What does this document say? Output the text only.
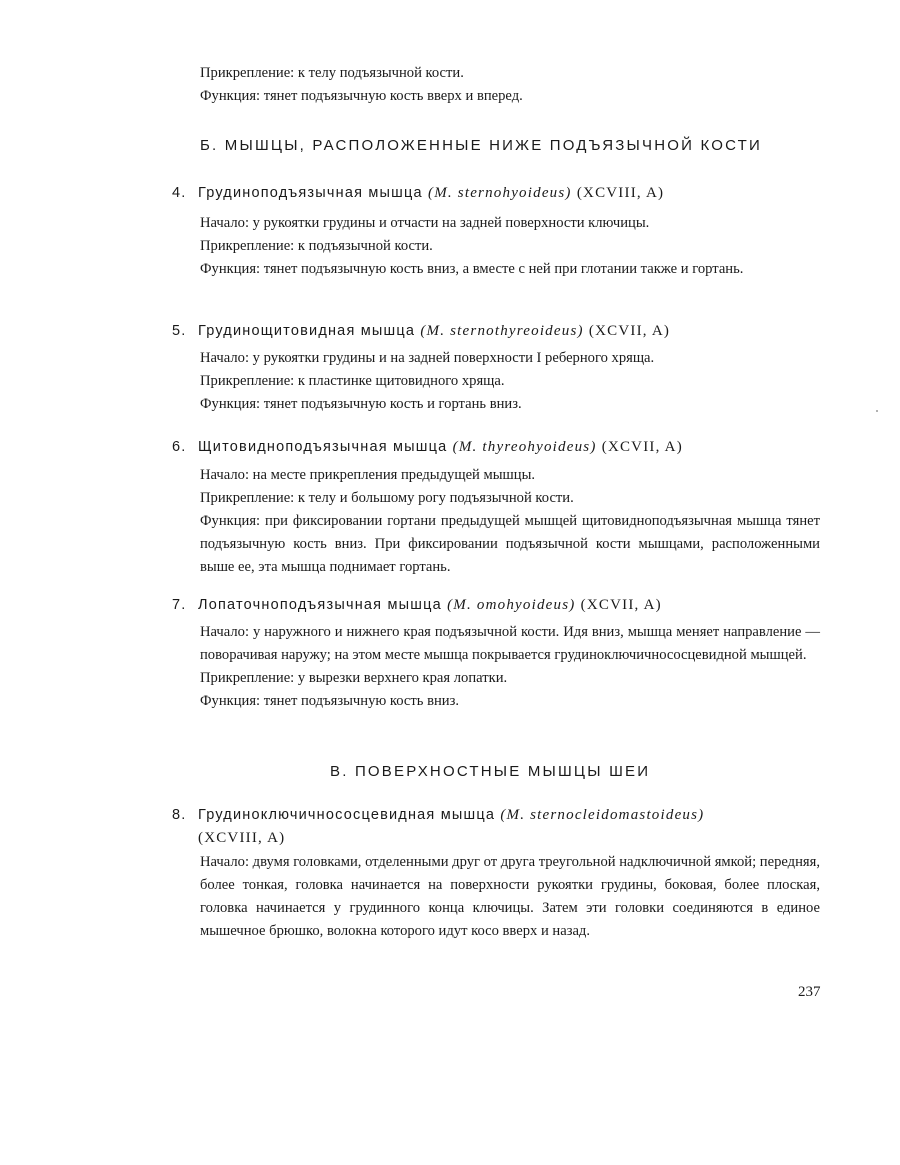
Прикрепление: к телу подъязычной кости.

Функция: тянет подъязычную кость вверх и вперед.

Б. МЫШЦЫ, РАСПОЛОЖЕННЫЕ НИЖЕ ПОДЪЯЗЫЧНОЙ КОСТИ
4. Грудиноподъязычная мышца (M. sternohyoideus) (XCVIII, A)

Начало: у рукоятки грудины и отчасти на задней поверхности ключицы.

Прикрепление: к подъязычной кости.

Функция: тянет подъязычную кость вниз, а вместе с ней при глотании также и гортань.

5. Грудинощитовидная мышца (M. sternothyreoideus) (XCVII, A)

Начало: у рукоятки грудины и на задней поверхности I реберного хряща.

Прикрепление: к пластинке щитовидного хряща.

Функция: тянет подъязычную кость и гортань вниз.

6. Щитовидноподъязычная мышца (M. thyreohyoideus) (XCVII, A)

Начало: на месте прикрепления предыдущей мышцы.

Прикрепление: к телу и большому рогу подъязычной кости.

Функция: при фиксировании гортани предыдущей мышцей щитовидноподъязычная мышца тянет подъязычную кость вниз. При фиксировании подъязычной кости мышцами, расположенными выше ее, эта мышца поднимает гортань.

7. Лопаточноподъязычная мышца (M. omohyoideus) (XCVII, A)

Начало: у наружного и нижнего края подъязычной кости. Идя вниз, мышца меняет направление — поворачивая наружу; на этом месте мышца покрывается грудиноключичнососцевидной мышцей.

Прикрепление: у вырезки верхнего края лопатки.

Функция: тянет подъязычную кость вниз.

В. ПОВЕРХНОСТНЫЕ МЫШЦЫ ШЕИ
8. Грудиноключичнососцевидная мышца (M. sternocleidomastoideus)
(XCVIII, A)

Начало: двумя головками, отделенными друг от друга треугольной надключичной ямкой; передняя, более тонкая, головка начинается на поверхности рукоятки грудины, боковая, более плоская, головка начинается у грудинного конца ключицы. Затем эти головки соединяются в единое мышечное брюшко, волокна которого идут косо вверх и назад.

237
